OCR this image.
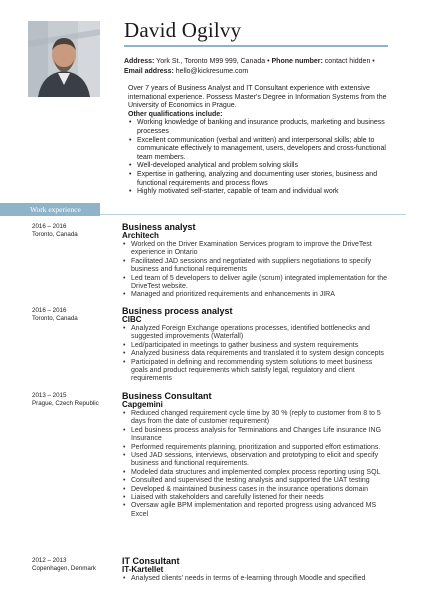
David Ogilvy
Address: York St., Toronto M99 999, Canada • Phone number: contact hidden •
Email address: hello@kickresume.com

Over 7 years of Business Analyst and IT Consultant experience with extensive international experience. Possess Master's Degree in Information Systems from the University of Economics in Prague.

Other qualifications include:

• Working knowledge of banking and insurance products, marketing and business processes
• Excellent communication (verbal and written) and interpersonal skills; able to communicate effectively to management, users, developers and cross-functional team members.
• Well-developed analytical and problem solving skills
• Expertise in gathering, analyzing and documenting user stories, business and functional requirements and process flows
• Highly motivated self-starter, capable of team and individual work
Work experience
2016 – 2016
Toronto, Canada
Business analyst
Architech
• Worked on the Driver Examination Services program to improve the DriveTest experience in Ontario
• Facilitated JAD sessions and negotiated with suppliers negotiations to specify business and functional requirements
• Led team of 5 developers to deliver agile (scrum) integrated implementation for the DriveTest website.
• Managed and prioritized requirements and enhancements in JIRA
2016 – 2016
Toronto, Canada
Business process analyst
CIBC
• Analyzed Foreign Exchange operations processes, identified bottlenecks and suggested improvements (Waterfall)
• Led/participated in meetings to gather business and system requirements
• Analyzed business data requirements and translated it to system design concepts
• Participated in defining and recommending system solutions to meet business goals and product requirements which satisfy legal, regulatory and client requirements
2013 – 2015
Prague, Czech Republic
Business Consultant
Capgemini
• Reduced changed requirement cycle time by 30 % (reply to customer from 8 to 5 days from the date of customer requirement)
• Led business process analysis for Terminations and Changes Life insurance ING Insurance
• Performed requirements planning, prioritization and supported effort estimations.
• Used JAD sessions, interviews, observation and prototyping to elicit and specify business and functional requirements.
• Modeled data structures and implemented complex process reporting using SQL
• Consulted and supervised the testing analysis and supported the UAT testing
• Developed & maintained business cases in the insurance operations domain
• Liaised with stakeholders and carefully listened for their needs
• Oversaw agile BPM implementation and reported progress using advanced MS Excel
2012 – 2013
Copenhagen, Denmark
IT Consultant
IT-Kartellet
• Analysed clients' needs in terms of e-learning through Moodle and specified
